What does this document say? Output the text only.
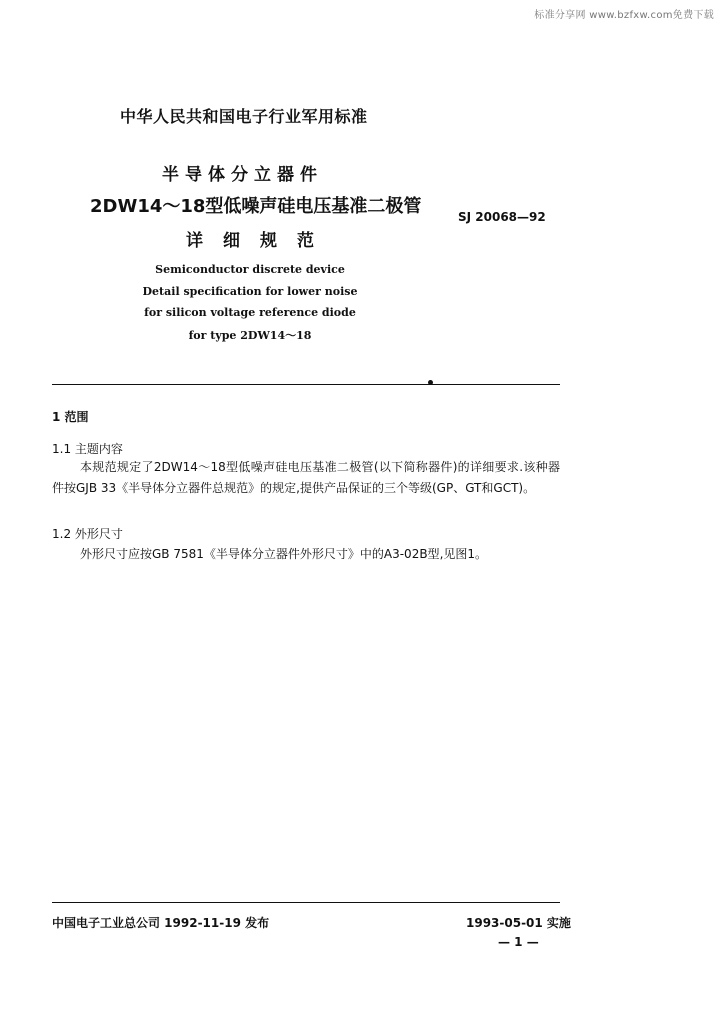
标准分享网 www.bzfxw.com免费下载
中华人民共和国电子行业军用标准
半导体分立器件
2DW14～18型低噪声硅电压基准二极管
详细规范
SJ 20068—92
Semiconductor discrete device
Detail specification for lower noise
for silicon voltage reference diode
for type 2DW14～18
1 范围
1.1 主题内容
本规范规定了2DW14～18型低噪声硅电压基准二极管(以下简称器件)的详细要求.该种器件按GJB 33《半导体分立器件总规范》的规定,提供产品保证的三个等级(GP、GT和GCT)。
1.2 外形尺寸
外形尺寸应按GB 7581《半导体分立器件外形尺寸》中的A3-02B型,见图1。
中国电子工业总公司 1992-11-19 发布	1993-05-01 实施
— 1 —
